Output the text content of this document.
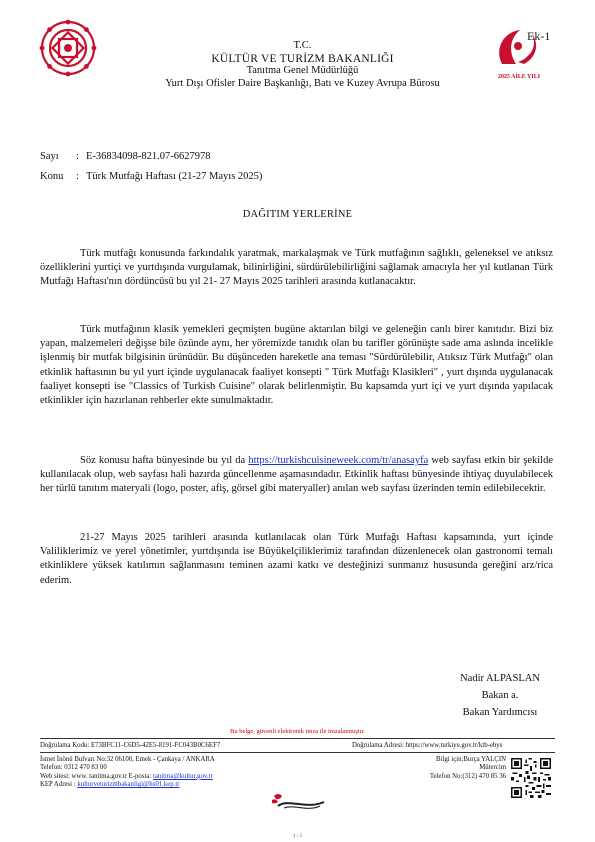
2025 AİLE YILI
Ek-1
T.C.
KÜLTÜR VE TURİZM BAKANLIĞI
Tanıtma Genel Müdürlüğü
Yurt Dışı Ofisler Daire Başkanlığı, Batı ve Kuzey Avrupa Bürosu
Sayı : E-36834098-821.07-6627978
Konu : Türk Mutfağı Haftası (21-27 Mayıs 2025)
DAĞITIM YERLERİNE

Türk mutfağı konusunda farkındalık yaratmak, markalaşmak ve Türk mutfağının sağlıklı, geleneksel ve atıksız özelliklerini yurtiçi ve yurtdışında vurgulamak, bilinirliğini, sürdürülebilirliğini sağlamak amacıyla her yıl kutlanan Türk Mutfağı Haftası'nın dördüncüsü bu yıl 21- 27 Mayıs 2025 tarihleri arasında kutlanacaktır.

Türk mutfağının klasik yemekleri geçmişten bugüne aktarılan bilgi ve geleneğin canlı birer kanıtıdır. Bizi biz yapan, malzemeleri değişse bile özünde aynı, her yöremizde tanıdık olan bu tarifler görünüşte sade ama aslında incelikle işlenmiş bir mutfak bilgisinin ürünüdür. Bu düşünceden hareketle ana teması "Sürdürülebilir, Atıksız Türk Mutfağı" olan etkinlik haftasının bu yıl yurt içinde uygulanacak faaliyet konsepti " Türk Mutfağı Klasikleri" , yurt dışında uygulanacak faaliyet konsepti ise "Classics of Turkish Cuisine" olarak belirlenmiştir. Bu kapsamda yurt içi ve yurt dışında yapılacak etkinlikler için hazırlanan rehberler ekte sunulmaktadır.

Söz konusu hafta bünyesinde bu yıl da https://turkishcuisineweek.com/tr/anasayfa web sayfası etkin bir şekilde kullanılacak olup, web sayfası hali hazırda güncellenme aşamasındadır. Etkinlik haftası bünyesinde ihtiyaç duyulabilecek her türlü tanıtım materyali (logo, poster, afiş, görsel gibi materyaller) anılan web sayfası üzerinden temin edilebilecektir.

21-27 Mayıs 2025 tarihleri arasında kutlanılacak olan Türk Mutfağı Haftası kapsamında, yurt içinde Valiliklerimiz ve yerel yönetimler, yurtdışında ise Büyükelçiliklerimiz tarafından düzenlenecek olan gastronomi temalı etkinliklere yüksek katılımın sağlanmasını teminen azami katkı ve desteğinizi sunmanız hususunda gereğini arz/rica ederim.

Nadir ALPASLAN
Bakan a.
Bakan Yardımcısı
Bu belge, güvenli elektronik imza ile imzalanmıştır.
Doğrulama Kodu: E73BFC11-C6D5-42E5-8191-FC043B0C6EF7	Doğrulama Adresi: https://www.turkiye.gov.tr/ktb-ebys
İsmet İnönü Bulvarı No:32 06100, Emek - Çankaya / ANKARA
Telefon: 0312 470 83 00
Web sitesi: www. tanitma.gov.tr E-posta: tanitma@kultur.gov.tr
KEP Adresi : kulturveturizmbakanligi@hs01.kep.tr
Bilgi için:Burça YALÇIN
Mütercim
Telefon No:(312) 470 85 36
1 / 3
